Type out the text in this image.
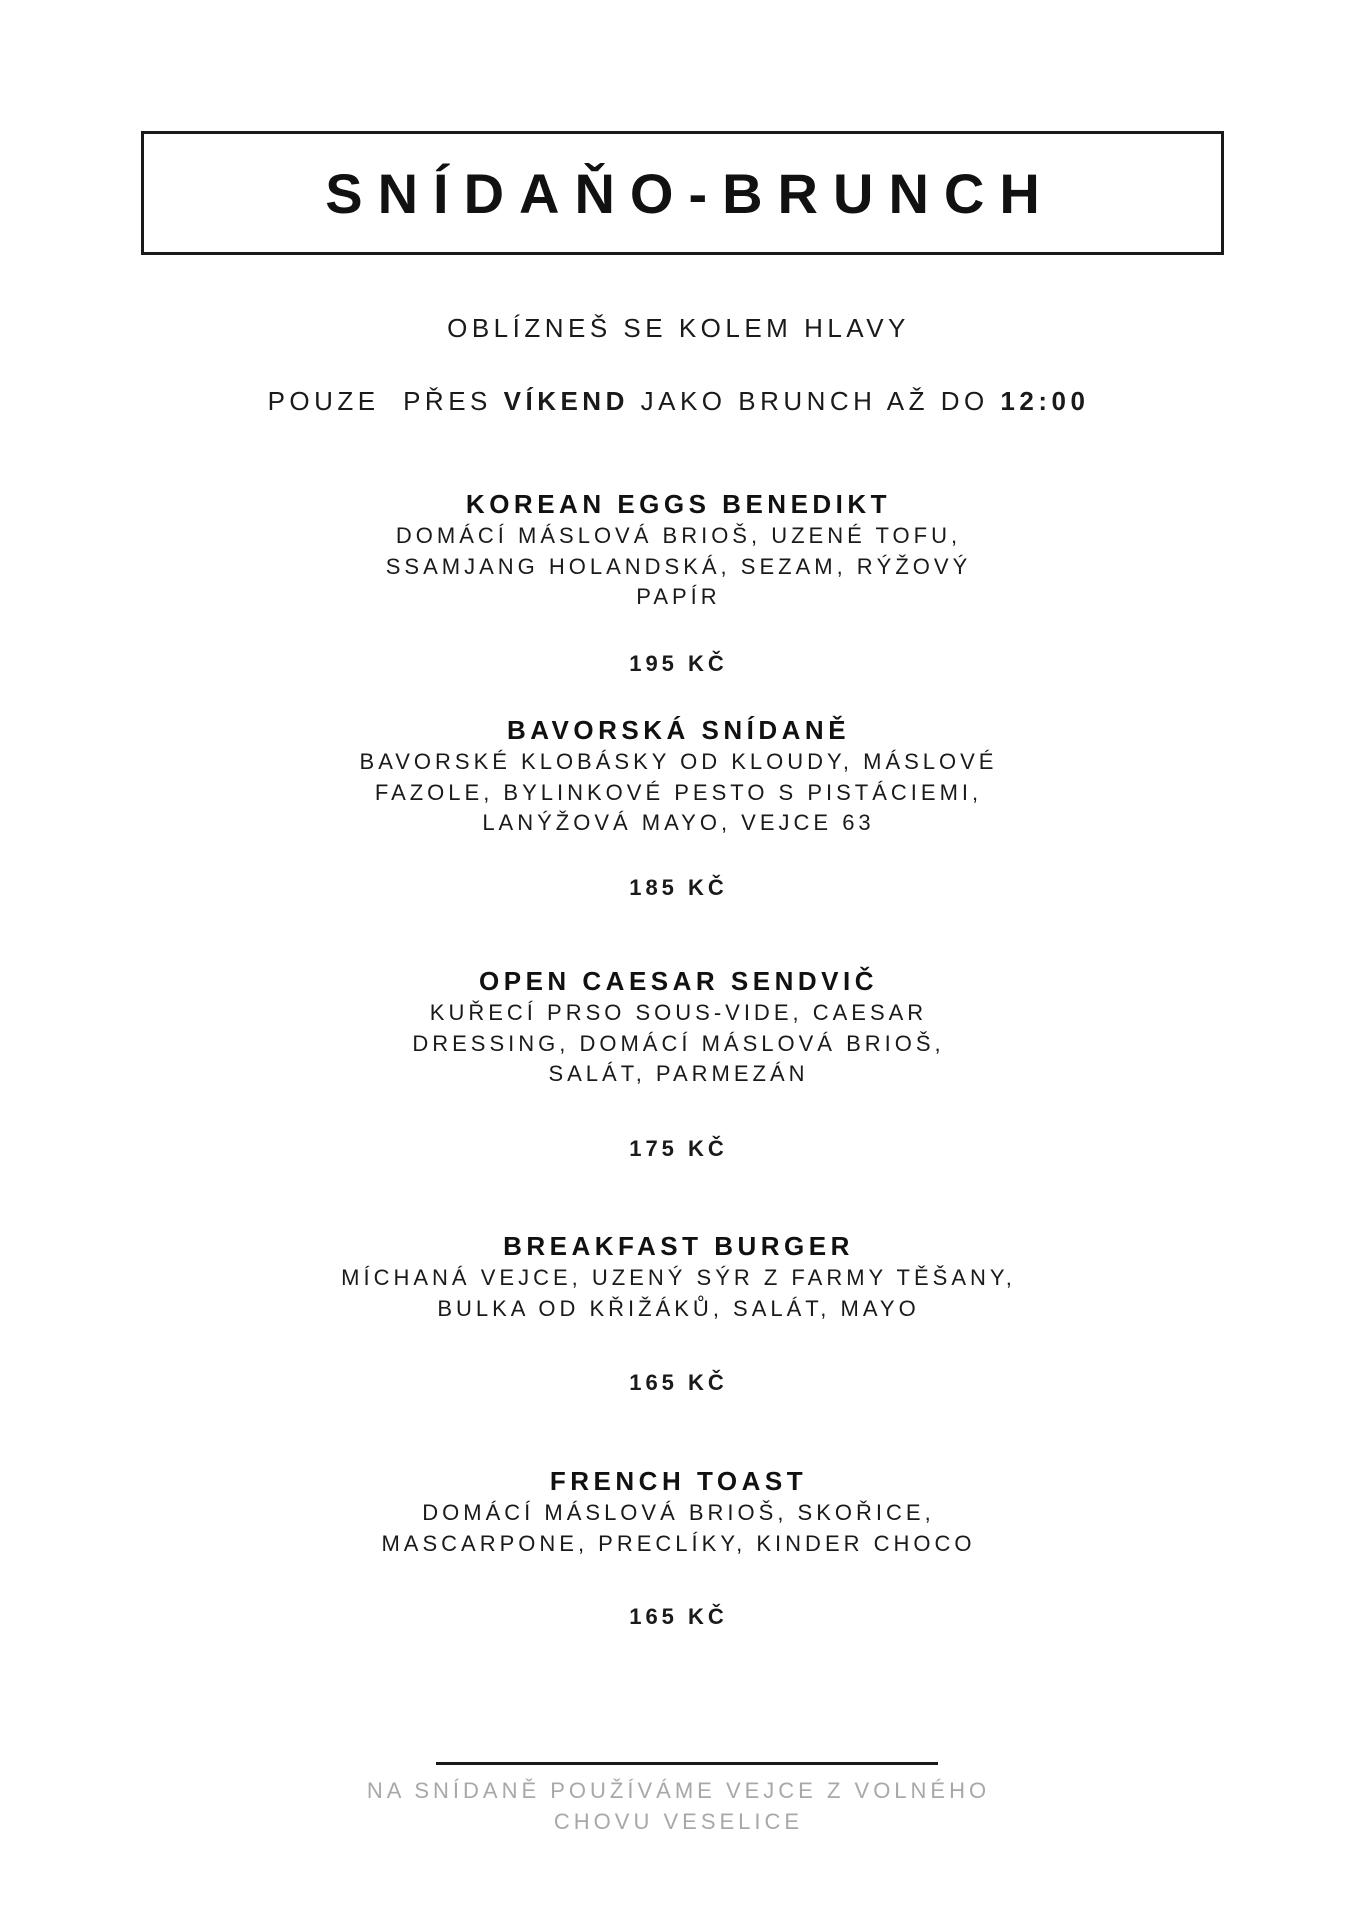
SNÍDAŇO-BRUNCH
OBLÍZNEŠ SE KOLEM HLAVY
POUZE  PŘES VÍKEND JAKO BRUNCH AŽ DO 12:00
KOREAN EGGS BENEDIKT
DOMÁCÍ MÁSLOVÁ BRIOŠ, UZENÉ TOFU,
SSAMJANG HOLANDSKÁ, SEZAM, RÝŽOVÝ
PAPÍR
195 KČ
BAVORSKÁ SNÍDANĚ
BAVORSKÉ KLOBÁSKY OD KLOUDY, MÁSLOVÉ
FAZOLE, BYLINKOVÉ PESTO S PISTÁCIEMI,
LANÝŽOVÁ MAYO, VEJCE 63
185 KČ
OPEN CAESAR SENDVIČ
KUŘECÍ PRSO SOUS-VIDE, CAESAR
DRESSING, DOMÁCÍ MÁSLOVÁ BRIOŠ,
SALÁT, PARMEZÁN
175 KČ
BREAKFAST BURGER
MÍCHANÁ VEJCE, UZENÝ SÝR Z FARMY TĚŠANY,
BULKA OD KŘIŽÁKŮ, SALÁT, MAYO
165 KČ
FRENCH TOAST
DOMÁCÍ MÁSLOVÁ BRIOŠ, SKOŘICE,
MASCARPONE, PRECLÍKY, KINDER CHOCO
165 KČ
NA SNÍDANĚ POUŽÍVÁME VEJCE Z VOLNÉHO
CHOVU VESELICE
